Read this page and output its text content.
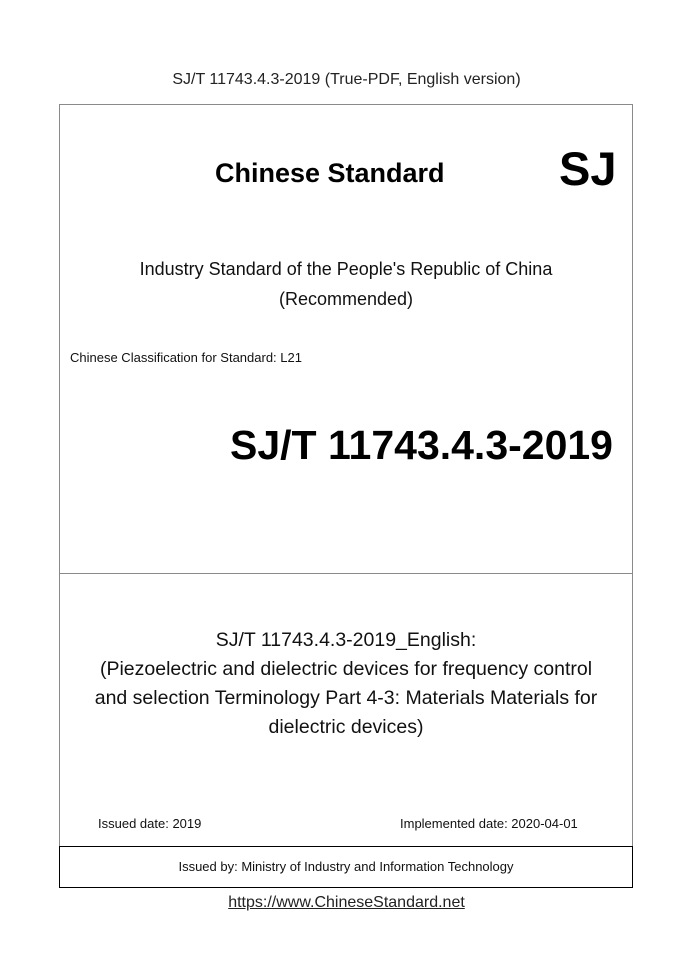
SJ/T 11743.4.3-2019 (True-PDF, English version)
Chinese Standard SJ
Industry Standard of the People's Republic of China
(Recommended)
Chinese Classification for Standard: L21
SJ/T 11743.4.3-2019
SJ/T 11743.4.3-2019_English:
(Piezoelectric and dielectric devices for frequency control
and selection Terminology Part 4-3: Materials Materials for
dielectric devices)
Issued date: 2019	Implemented date: 2020-04-01
Issued by: Ministry of Industry and Information Technology
https://www.ChineseStandard.net
